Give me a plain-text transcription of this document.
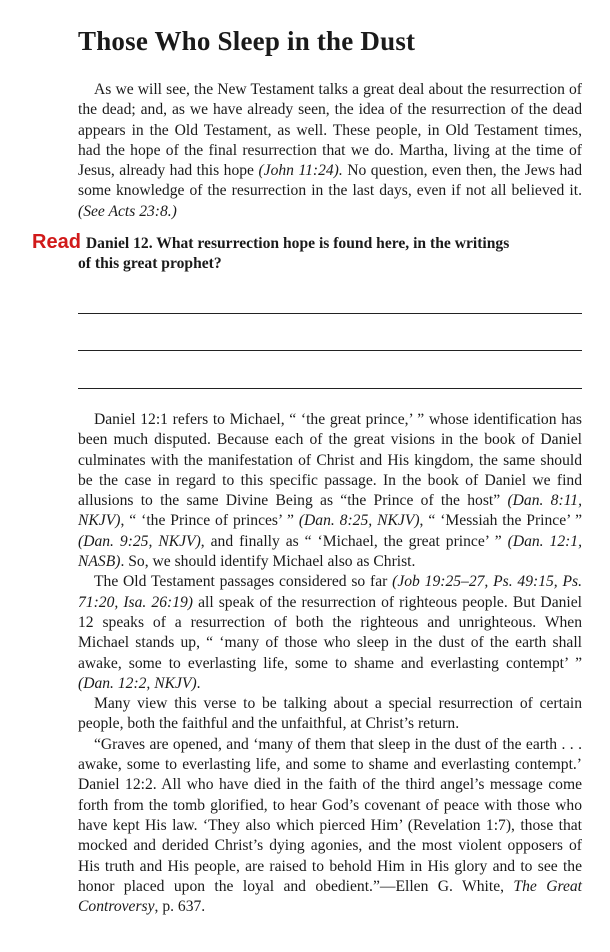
Those Who Sleep in the Dust

As we will see, the New Testament talks a great deal about the resurrection of the dead; and, as we have already seen, the idea of the resurrection of the dead appears in the Old Testament, as well. These people, in Old Testament times, had the hope of the final resurrection that we do. Martha, living at the time of Jesus, already had this hope (John 11:24). No question, even then, the Jews had some knowledge of the resurrection in the last days, even if not all believed it. (See Acts 23:8.)

Read Daniel 12. What resurrection hope is found here, in the writings
of this great prophet?

Daniel 12:1 refers to Michael, “ ‘the great prince,’ ” whose identification has been much disputed. Because each of the great visions in the book of Daniel culminates with the manifestation of Christ and His kingdom, the same should be the case in regard to this specific passage. In the book of Daniel we find allusions to the same Divine Being as “the Prince of the host” (Dan. 8:11, NKJV), “ ‘the Prince of princes’ ” (Dan. 8:25, NKJV), “ ‘Messiah the Prince’ ” (Dan. 9:25, NKJV), and finally as “ ‘Michael, the great prince’ ” (Dan. 12:1, NASB). So, we should identify Michael also as Christ.

The Old Testament passages considered so far (Job 19:25–27, Ps. 49:15, Ps. 71:20, Isa. 26:19) all speak of the resurrection of righteous people. But Daniel 12 speaks of a resurrection of both the righteous and unrighteous. When Michael stands up, “ ‘many of those who sleep in the dust of the earth shall awake, some to everlasting life, some to shame and everlasting contempt’ ” (Dan. 12:2, NKJV).

Many view this verse to be talking about a special resurrection of certain people, both the faithful and the unfaithful, at Christ’s return.

“Graves are opened, and ‘many of them that sleep in the dust of the earth . . . awake, some to everlasting life, and some to shame and everlasting contempt.’ Daniel 12:2. All who have died in the faith of the third angel’s message come forth from the tomb glorified, to hear God’s covenant of peace with those who have kept His law. ‘They also which pierced Him’ (Revelation 1:7), those that mocked and derided Christ’s dying agonies, and the most violent opposers of His truth and His people, are raised to behold Him in His glory and to see the honor placed upon the loyal and obedient.”—Ellen G. White, The Great Controversy, p. 637.
